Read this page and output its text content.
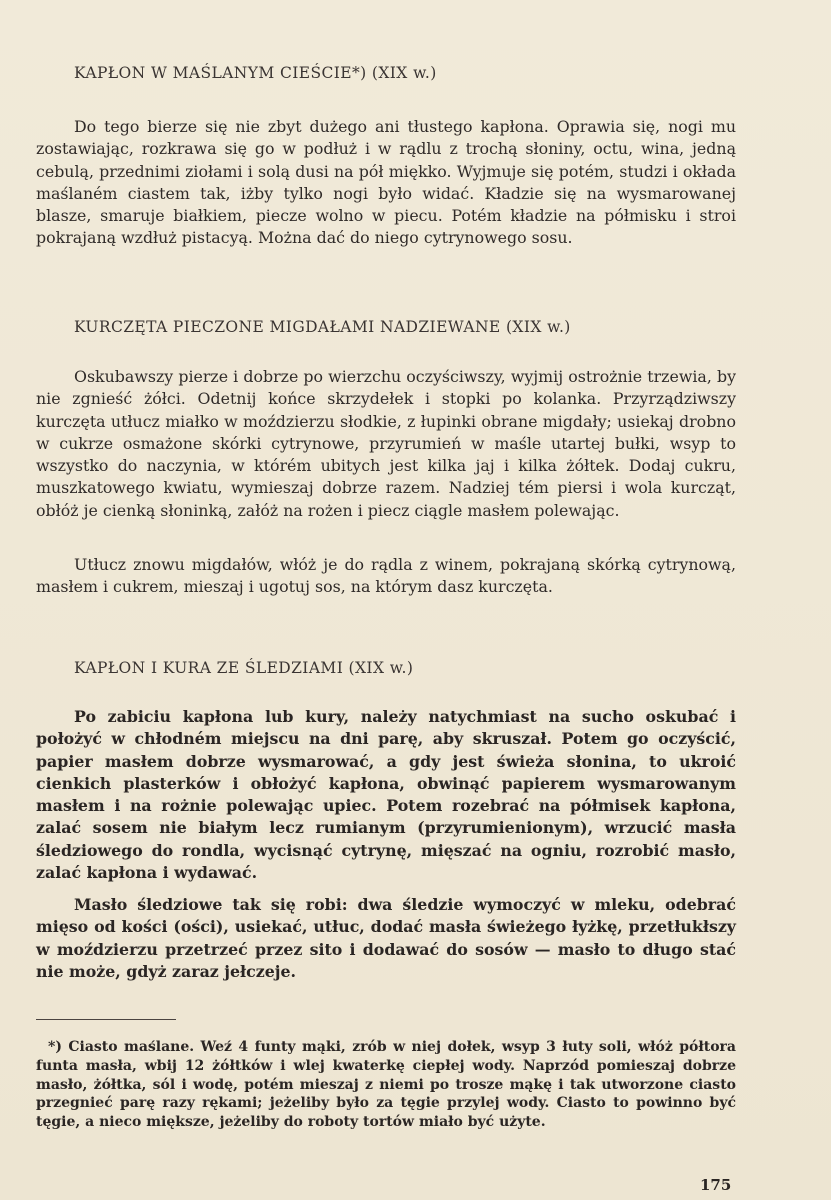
KAPŁON W MAŚLANYM CIEŚCIE*) (XIX w.)

Do tego bierze się nie zbyt dużego ani tłustego kapłona. Oprawia się, nogi mu zostawiając, rozkrawa się go w podłuż i w rądlu z trochą słoniny, octu, wina, jedną cebulą, przednimi ziołami i solą dusi na pół miękko. Wyjmuje się potém, studzi i okłada maślaném ciastem tak, iżby tylko nogi było widać. Kładzie się na wysmarowanej blasze, smaruje białkiem, piecze wolno w piecu. Potém kładzie na półmisku i stroi pokrajaną wzdłuż pistacyą. Można dać do niego cytrynowego sosu.

KURCZĘTA PIECZONE MIGDAŁAMI NADZIEWANE (XIX w.)

Oskubawszy pierze i dobrze po wierzchu oczyściwszy, wyjmij ostrożnie trzewia, by nie zgnieść żółci. Odetnij końce skrzydełek i stopki po kolanka. Przyrządziwszy kurczęta utłucz miałko w moździerzu słodkie, z łupinki obrane migdały; usiekaj drobno w cukrze osmażone skórki cytrynowe, przyrumień w maśle utartej bułki, wsyp to wszystko do naczynia, w którém ubitych jest kilka jaj i kilka żółtek. Dodaj cukru, muszkatowego kwiatu, wymieszaj dobrze razem. Nadziej tém piersi i wola kurcząt, obłóż je cienką słoninką, załóż na rożen i piecz ciągle masłem polewając.

Utłucz znowu migdałów, włóż je do rądla z winem, pokrajaną skórką cytrynową, masłem i cukrem, mieszaj i ugotuj sos, na którym dasz kurczęta.

KAPŁON I KURA ZE ŚLEDZIAMI (XIX w.)

Po zabiciu kapłona lub kury, należy natychmiast na sucho oskubać i położyć w chłodném miejscu na dni parę, aby skruszał. Potem go oczyścić, papier masłem dobrze wysmarować, a gdy jest świeża słonina, to ukroić cienkich plasterków i obłożyć kapłona, obwinąć papierem wysmarowanym masłem i na rożnie polewając upiec. Potem rozebrać na półmisek kapłona, zalać sosem nie białym lecz rumianym (przyrumienionym), wrzucić masła śledziowego do rondla, wycisnąć cytrynę, mięszać na ogniu, rozrobić masło, zalać kapłona i wydawać.

Masło śledziowe tak się robi: dwa śledzie wymoczyć w mleku, odebrać mięso od kości (ości), usiekać, utłuc, dodać masła świeżego łyżkę, przetłukłszy w moździerzu przetrzeć przez sito i dodawać do sosów — masło to długo stać nie może, gdyż zaraz jełczeje.

*) Ciasto maślane. Weź 4 funty mąki, zrób w niej dołek, wsyp 3 łuty soli, włóż półtora funta masła, wbij 12 żółtków i wlej kwaterkę ciepłej wody. Naprzód pomieszaj dobrze masło, żółtka, sól i wodę, potém mieszaj z niemi po trosze mąkę i tak utworzone ciasto przegnieć parę razy rękami; jeżeliby było za tęgie przylej wody. Ciasto to powinno być tęgie, a nieco miększe, jeżeliby do roboty tortów miało być użyte.

175
